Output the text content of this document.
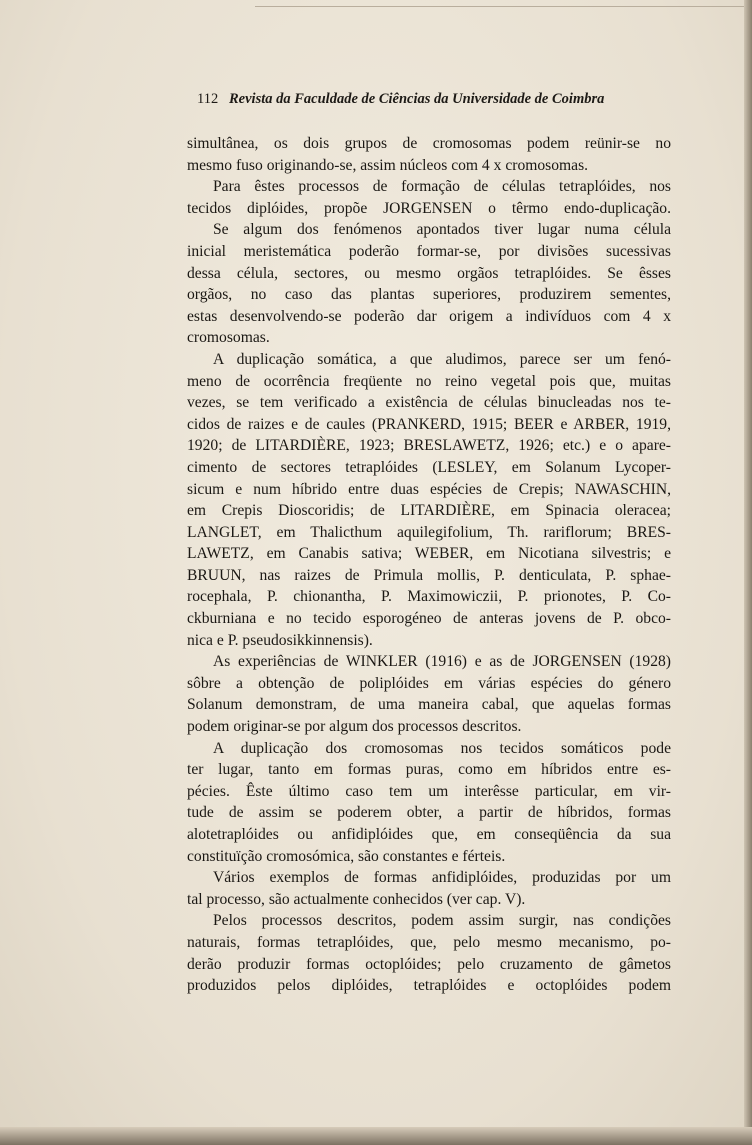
112 Revista da Faculdade de Ciências da Universidade de Coimbra
simultânea, os dois grupos de cromosomas podem reünir-se no
mesmo fuso originando-se, assim núcleos com 4 x cromosomas.
Para êstes processos de formação de células tetraplóides, nos
tecidos diplóides, propõe JORGENSEN o têrmo endo-duplicação.
Se algum dos fenómenos apontados tiver lugar numa célula
inicial meristemática poderão formar-se, por divisões sucessivas
dessa célula, sectores, ou mesmo orgãos tetraplóides. Se êsses
orgãos, no caso das plantas superiores, produzirem sementes,
estas desenvolvendo-se poderão dar origem a indivíduos com 4 x
cromosomas.
A duplicação somática, a que aludimos, parece ser um fenó-
meno de ocorrência freqüente no reino vegetal pois que, muitas
vezes, se tem verificado a existência de células binucleadas nos te-
cidos de raizes e de caules (PRANKERD, 1915; BEER e ARBER, 1919,
1920; de LITARDIÈRE, 1923; BRESLAWETZ, 1926; etc.) e o apare-
cimento de sectores tetraplóides (LESLEY, em Solanum Lycoper-
sicum e num híbrido entre duas espécies de Crepis; NAWASCHIN,
em Crepis Dioscoridis; de LITARDIÈRE, em Spinacia oleracea;
LANGLET, em Thalicthum aquilegifolium, Th. rariflorum; BRES-
LAWETZ, em Canabis sativa; WEBER, em Nicotiana silvestris; e
BRUUN, nas raizes de Primula mollis, P. denticulata, P. sphae-
rocephala, P. chionantha, P. Maximowiczii, P. prionotes, P. Co-
ckburniana e no tecido esporogéneo de anteras jovens de P. obco-
nica e P. pseudosikkinnensis).
As experiências de WINKLER (1916) e as de JORGENSEN (1928)
sôbre a obtenção de poliplóides em várias espécies do género
Solanum demonstram, de uma maneira cabal, que aquelas formas
podem originar-se por algum dos processos descritos.
A duplicação dos cromosomas nos tecidos somáticos pode
ter lugar, tanto em formas puras, como em híbridos entre es-
pécies. Êste último caso tem um interêsse particular, em vir-
tude de assim se poderem obter, a partir de híbridos, formas
alotetraplóides ou anfidiplóides que, em conseqüência da sua
constituïção cromosómica, são constantes e férteis.
Vários exemplos de formas anfidiplóides, produzidas por um
tal processo, são actualmente conhecidos (ver cap. V).
Pelos processos descritos, podem assim surgir, nas condições
naturais, formas tetraplóides, que, pelo mesmo mecanismo, po-
derão produzir formas octoplóides; pelo cruzamento de gâmetos
produzidos pelos diplóides, tetraplóides e octoplóides podem
